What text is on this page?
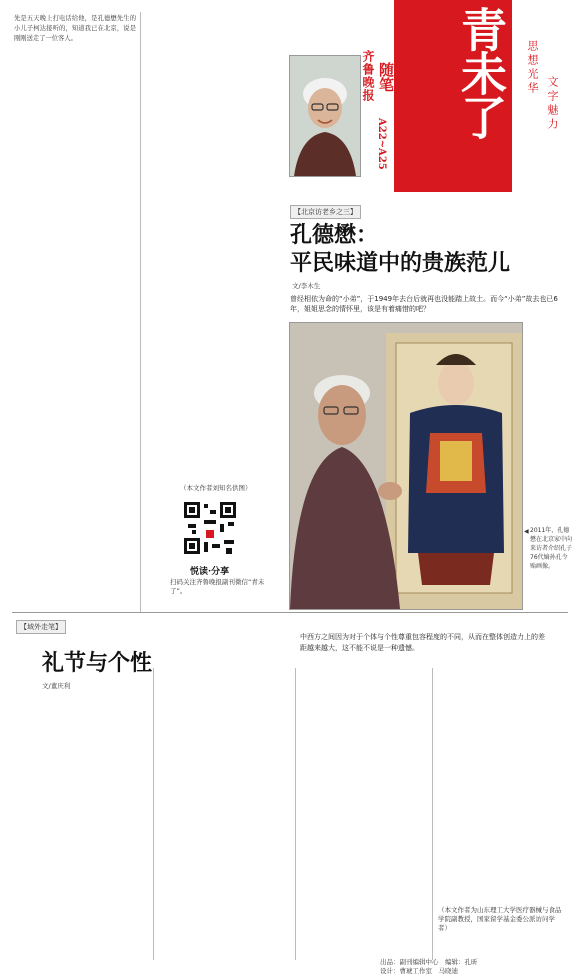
青未了 思想光华
文字魅力
齐鲁晚报 随笔
星期三
2014.7.30
A22~A25
先是五天晚上打电话给他，是孔德懋先生的小儿子柯达接听的，知道我已在北京，说是刚刚送走了一位客人。
（本文作者刘知名供图）
悦读·分享
扫码关注齐鲁晚报副刊微信“青未了”。
【北京访老乡之三】
孔德懋：
平民味道中的贵族范儿
文/李木生
曾经相依为命的“小弟”，于1949年去台后就再也没能踏上故土。而今“小弟”故去也已6年，姐姐思念的情怀里，该是有着痛惜的吧？
◀ 2011年，孔德懋在北京家中向来访者介绍孔子76代嫡孙孔令贻画像。
【域外走笔】
礼节与个性
文/董庆利
中西方之间因为对于个体与个性尊重包容程度的不同，从而在整体创造力上的差距越来越大，这不能不说是一种遗憾。
（本文作者为山东理工大学医疗器械与食品学院副教授，国家留学基金委公派访问学者）
出品：副刊编辑中心　编辑：孔昕
设计：曹琥工作室　马晓迪
